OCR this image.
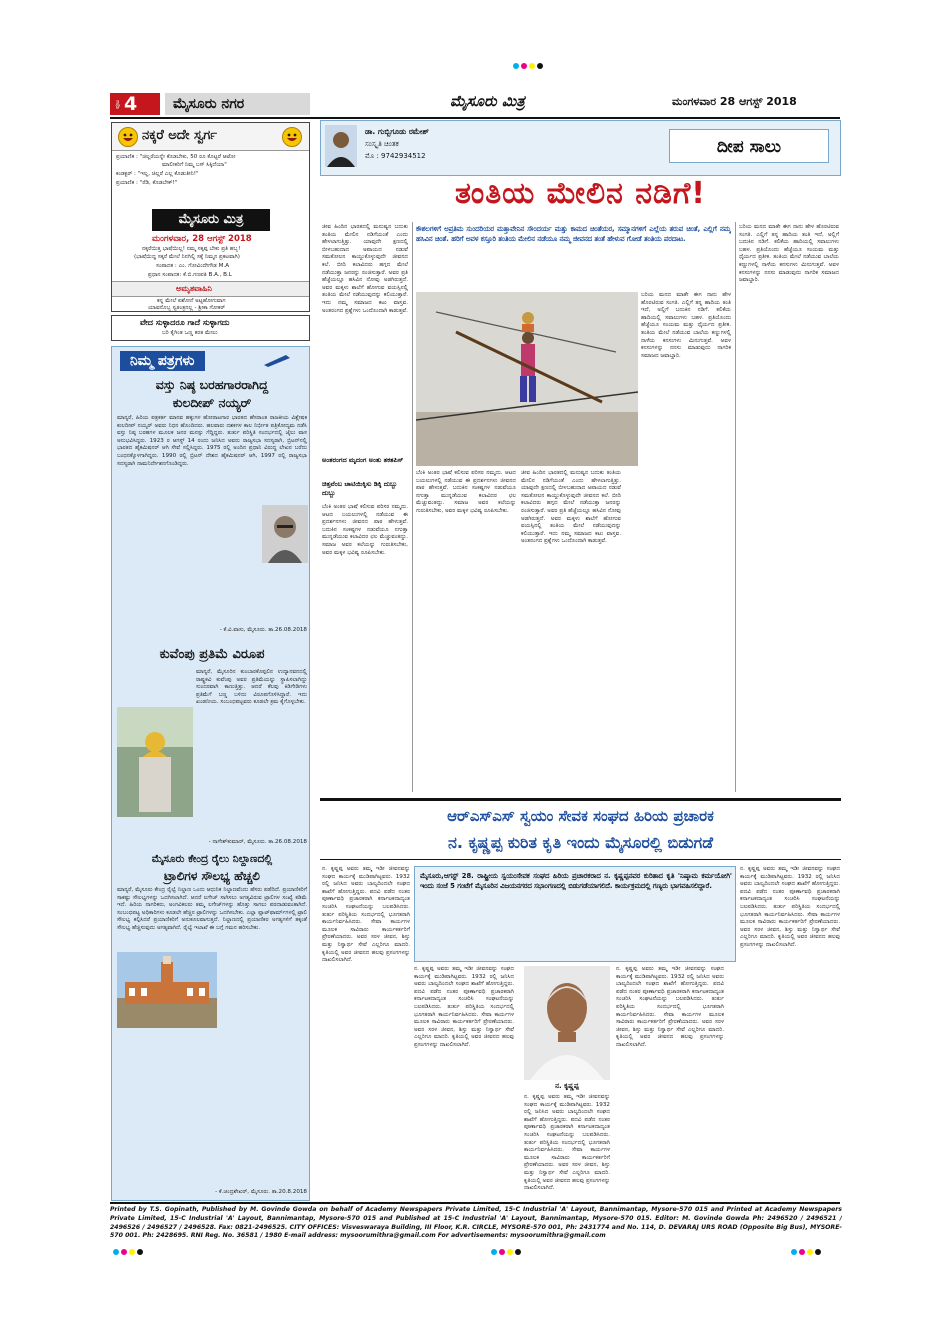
ಪುಟ 4	ಮೈಸೂರು ನಗರ	ಮೈಸೂರು ಮಿತ್ರ	ಮಂಗಳವಾರ 28 ಆಗಸ್ಟ್ 2018
ನಕ್ಕರೆ ಅದೇ ಸ್ವರ್ಗ
ಪ್ರಯಾಣಿಕ : "ಚಿಲ್ಲರೆಯನ್ನೇ ಕೊಡಬೇಕು, 50 ರೂ ಕೊಟ್ಟರೆ ಆಟೋ
ಮಾಲೀಕರಿಗೆ ನಿಮ್ಮ ಬಸ್ ಸಿಕ್ಕಿದೆಯಾ"
ಕಂಡಕ್ಟರ್ : "ಇಲ್ಲ, ಚಿಲ್ಲರೆ ಎಲ್ಲ ಕೊಡುತೀನಿ!"
ಪ್ರಯಾಣಿಕ : "ರೆಡಿ, ಕೊಡಬೇಕ್!"
ಮೈಸೂರು ಮಿತ್ರ
ಮಂಗಳವಾರ, 28 ಆಗಸ್ಟ್ 2018
ನಕ್ಕರೆಯಿತ್ತ ಭಾಷೆಯಿಲ್ಲ! ನಮ್ಮ ಸಕ್ಕಪ್ಪ ಬೇಕು ಪ್ರತಿ ಹಬ್ಬ!
(ಭಾಷೆಯಿದ್ದ ಸಕ್ಕರೆ ಮೇಲೆ ನಿನಗಿಲ್ಲಿ ಸಕ್ಕೆ ನಿಮ್ಮನ ಪ್ರಕಟವಾಗಿ)
ಸಂಪಾದಕ : ಎಂ. ಗೋವಿಂದೇಗೌಡ M.A
ಪ್ರಧಾನ ಸಂಪಾದಕ: ಕೆ.ಬಿ.ಗಣಪತಿ B.A., B.L
ಅಮೃತವಾಹಿನಿ
ಕನ್ನ ಮೇಲೆ ಪಶೋನೆ ಅಟ್ಟಹೋಗುವಾಗ
ಯಾವನೊಬ್ಬ ಸ್ವತಂತ್ರನಲ್ಲ - ಶ್ರೀಕಾ ಗೋಕರ್
ವೇದ ಸುಳ್ಳಾದರೂ ಗಾದೆ ಸುಳ್ಳಾಗದು
ಬರಿ ಕೈಗಿಂತ ಒಣ್ಣ ಕರತ ಮೇಲು
ನಿಮ್ಮ ಪತ್ರಗಳು
ವಸ್ತು ನಿಷ್ಠ ಬರಹಗಾರರಾಗಿದ್ದ
ಕುಲದೀಪ್ ನಯ್ಯರ್
ಮಾನ್ಯರೆ, ಹಿರಿಯ ಪತ್ರಕರ್ತ ಮಾನವ ಹಕ್ಕುಗಳ ಹೋರಾಟಗಾರ ಭಾರತದ ಹೆಸರಾಂತ ರಾಜಕೀಯ ವಿಶ್ಲೇಷಕ ಕುಲದೀಪ್ ನಯ್ಯರ್ ಅವರು ನಿಧನ ಹೊಂದಿದರು. ಹಲವಾರು ದಶಕಗಳ ಕಾಲ ನಿರ್ಭೀತ ಪತ್ರಿಕೋದ್ಯಮ ನಡೆಸಿ ವಸ್ತು ನಿಷ್ಠ ಬರಹಗಳ ಮೂಲಕ ಜನರ ಮನಸ್ಸು ಗೆದ್ದಿದ್ದರು. ತುರ್ತು ಪರಿಸ್ಥಿತಿ ಸಂದರ್ಭದಲ್ಲಿ ಜೈಲು ವಾಸ ಅನುಭವಿಸಿದ್ದರು. 1923 ರ ಆಗಸ್ಟ್ 14 ರಂದು ಜನಿಸಿದ ಅವರು ರಾಜ್ಯಸಭಾ ಸದಸ್ಯರಾಗಿ, ಬ್ರಿಟನ್‌ನಲ್ಲಿ ಭಾರತದ ಹೈಕಮಿಷನರ್ ಆಗಿ ಸೇವೆ ಸಲ್ಲಿಸಿದ್ದರು. 1975 ರಲ್ಲಿ ಅಂದಿನ ಪ್ರಧಾನಿ ವಿರುದ್ಧ ಲೇಖನ ಬರೆದು ಬಂಧನಕ್ಕೊಳಗಾಗಿದ್ದರು. 1990 ರಲ್ಲಿ ಬ್ರಿಟನ್ ದೇಶದ ಹೈಕಮಿಷನರ್ ಆಗಿ, 1997 ರಲ್ಲಿ ರಾಜ್ಯಸಭಾ ಸದಸ್ಯರಾಗಿ ನಾಮನಿರ್ದೇಶನಗೊಂಡಿದ್ದರು.
- ಕೆ.ವಿ.ವಾಸು, ಮೈಸೂರು. ತಾ.26.08.2018
ಕುವೆಂಪು ಪ್ರತಿಮೆ ವಿರೂಪ
ಮಾನ್ಯರೆ, ಮೈಸೂರಿನ ಕುಂಬಾರಕೊಪ್ಪಲಿನ ಉದ್ಯಾನವನದಲ್ಲಿ ರಾಷ್ಟ್ರಕವಿ ಕುವೆಂಪು ಅವರ ಪ್ರತಿಮೆಯನ್ನು ಸ್ಥಾಪಿಸಲಾಗಿದ್ದು ಸುಂದರವಾಗಿ ಕಾಣುತ್ತಿತ್ತು. ಆದರೆ ಕೆಲವು ಕಿಡಿಗೇಡಿಗಳು ಪ್ರತಿಮೆಗೆ ಬಣ್ಣ ಬಳಿದು ವಿರೂಪಗೊಳಿಸಿದ್ದಾರೆ. ಇದು ಖಂಡನೀಯ. ಸಂಬಂಧಪಟ್ಟವರು ಕೂಡಲೇ ಕ್ರಮ ಕೈಗೊಳ್ಳಬೇಕು.
- ನಾಗೇಶ್‌ಕುಮಾರ್, ಮೈಸೂರು. ತಾ.26.08.2018
ಮೈಸೂರು ಕೇಂದ್ರ ರೈಲು ನಿಲ್ದಾಣದಲ್ಲಿ
ಟ್ರಾಲಿಗಳ ಸೌಲಭ್ಯ ಹೆಚ್ಚಲಿ
ಮಾನ್ಯರೆ, ಮೈಸೂರು ಕೇಂದ್ರ ರೈಲ್ವೆ ನಿಲ್ದಾಣ ಒಂದು ಆಧುನಿಕ ನಿಲ್ದಾಣವೆಂದು ಹೆಸರು ಪಡೆದಿದೆ. ಪ್ರಯಾಣಿಕರಿಗೆ ಸಾಕಷ್ಟು ಸೌಲಭ್ಯಗಳನ್ನು ಒದಗಿಸಲಾಗಿದೆ. ಆದರೆ ಲಗೇಜ್ ಸಾಗಿಸಲು ಅಗತ್ಯವಿರುವ ಟ್ರಾಲಿಗಳ ಸಂಖ್ಯೆ ಕಡಿಮೆ ಇದೆ. ಹಿರಿಯ ನಾಗರಿಕರು, ಅಂಗವಿಕಲರು ತಮ್ಮ ಲಗೇಜ್‌ಗಳನ್ನು ಹೊತ್ತು ಸಾಗಲು ಪರದಾಡುವಂತಾಗಿದೆ. ಸಂಬಂಧಪಟ್ಟ ಅಧಿಕಾರಿಗಳು ಕೂಡಲೇ ಹೆಚ್ಚಿನ ಟ್ರಾಲಿಗಳನ್ನು ಒದಗಿಸಬೇಕು. ಎಲ್ಲಾ ಪ್ಲಾಟ್‌ಫಾರ್ಮ್‌ಗಳಲ್ಲಿ ಟ್ರಾಲಿ ಸೌಲಭ್ಯ ಕಲ್ಪಿಸಿದರೆ ಪ್ರಯಾಣಿಕರಿಗೆ ಅನುಕೂಲವಾಗುತ್ತದೆ. ನಿಲ್ದಾಣದಲ್ಲಿ ಪ್ರಯಾಣಿಕರ ಅಗತ್ಯಗಳಿಗೆ ತಕ್ಕಂತೆ ಸೌಲಭ್ಯ ಹೆಚ್ಚಿಸುವುದು ಅಗತ್ಯವಾಗಿದೆ. ರೈಲ್ವೆ ಇಲಾಖೆ ಈ ಬಗ್ಗೆ ಗಮನ ಹರಿಸಬೇಕು.
- ಕೆ.ಚಂದ್ರಶೇಖರ್, ಮೈಸೂರು. ತಾ.20.8.2018
ಡಾ. ಗುಬ್ಬಿಗೂಡು ರಮೇಶ್
ಸಂಸ್ಕೃತಿ ಚಿಂತಕ
ಮೊ : 9742934512	ದೀಪ ಸಾಲು
ತಂತಿಯ ಮೇಲಿನ ನಡಿಗೆ!
ಜೀವ ಹಿಂದಿನ ಭಾರತದಲ್ಲಿ ಮನುಷ್ಯನ ಬದುಕು ತಂತಿಯ ಮೇಲಿನ ನಡಿಗೆಯಂತೆ ಎಂದು ಹೇಳಲಾಗುತ್ತಿತ್ತು. ಯಾವುದೇ ಕ್ಷಣದಲ್ಲಿ ಬೀಳಬಹುದಾದ ಅಪಾಯದ ನಡುವೆ ಸಮತೋಲನ ಕಾಯ್ದುಕೊಳ್ಳುವುದೇ ಜೀವನದ ಕಲೆ. ಬೀದಿ ಕಲಾವಿದರು ಹಗ್ಗದ ಮೇಲೆ ನಡೆಯುತ್ತಾ ಜನರನ್ನು ರಂಜಿಸುತ್ತಾರೆ. ಅವರ ಪ್ರತಿ ಹೆಜ್ಜೆಯಲ್ಲೂ ಹಸಿವಿನ ನೋವು ಅಡಗಿರುತ್ತದೆ. ಅವರ ಮಕ್ಕಳು ಶಾಲೆಗೆ ಹೋಗುವ ವಯಸ್ಸಿನಲ್ಲಿ ತಂತಿಯ ಮೇಲೆ ನಡೆಯುವುದನ್ನು ಕಲಿಯುತ್ತಾರೆ. ಇದು ನಮ್ಮ ಸಮಾಜದ ಕಟು ವಾಸ್ತವ. ಅಂತರಂಗದ ಪ್ರಶ್ನೆಗಳು ಒಂದೊಂದಾಗಿ ಕಾಡುತ್ತವೆ.
ಅಂತರಂಗದ ಮೃದಂಗ ಅಂತು ತಕತಪಿಸ್
ಚಿತ್ತವೆಂಬ ಚಾಟಿಯಿಕ್ಕಿಸು ಡಿಕ್ಕಿ ದುಬ್ಬು ದುಬ್ಬು
ಬೆಂಕಿ ಅಂತರ ಭಾಷೆ ಕಲಿಸುವ ಪರಿಸರ ನಮ್ಮದು. ಆಟದ ಬಯಲುಗಳಲ್ಲಿ ನಡೆಯುವ ಈ ಪ್ರದರ್ಶನಗಳು ಜೀವನದ ಪಾಠ ಹೇಳುತ್ತವೆ. ಬದುಕಿನ ಸಂಕಷ್ಟಗಳ ನಡುವೆಯೂ ನಗುತ್ತಾ ಮುನ್ನಡೆಯುವ ಕಲಾವಿದರ ಛಲ ಮೆಚ್ಚುವಂತದ್ದು. ಸಮಾಜ ಅವರ ಕಲೆಯನ್ನು ಗುರುತಿಸಬೇಕು, ಅವರ ಮಕ್ಕಳ ಭವಿಷ್ಯ ರೂಪಿಸಬೇಕು.
ಕೌಶಲಗಳಿಗೆ ಅಪ್ರತಿಮ ಸುಂದರಿಯರ ಮತ್ತಾವೇನಿನ ಸೌಂದರ್ಯ ಮತ್ತು ಕಾಮದ ಚಿಂತೆಯರ, ಸಮ್ಮಾನಗಳಿಗೆ ಎಲ್ಲೆಯ ತರುವ ಚಿಂತೆ, ಎಲ್ಲಿಗೆ ನಮ್ಮ ಹಸಿವಿನ ಚಿಂತೆ. ಹರಿಗೆ ಅವಳ ಕಸ್ತೂರಿ ತಂತಿಯ ಮೇಲಿನ ನಡೆಯೂ ನಮ್ಮ ಜೀವನದ ತಂತೆ ಹೇಳುವ ಗೋಡೆ ತಂತಿಯ ಪರದಾಟ.
ಬೆಂಕಿ ಅಂತರ ಭಾಷೆ ಕಲಿಸುವ ಪರಿಸರ ನಮ್ಮದು. ಆಟದ ಬಯಲುಗಳಲ್ಲಿ ನಡೆಯುವ ಈ ಪ್ರದರ್ಶನಗಳು ಜೀವನದ ಪಾಠ ಹೇಳುತ್ತವೆ. ಬದುಕಿನ ಸಂಕಷ್ಟಗಳ ನಡುವೆಯೂ ನಗುತ್ತಾ ಮುನ್ನಡೆಯುವ ಕಲಾವಿದರ ಛಲ ಮೆಚ್ಚುವಂತದ್ದು. ಸಮಾಜ ಅವರ ಕಲೆಯನ್ನು ಗುರುತಿಸಬೇಕು, ಅವರ ಮಕ್ಕಳ ಭವಿಷ್ಯ ರೂಪಿಸಬೇಕು.
ಜೀವ ಹಿಂದಿನ ಭಾರತದಲ್ಲಿ ಮನುಷ್ಯನ ಬದುಕು ತಂತಿಯ ಮೇಲಿನ ನಡಿಗೆಯಂತೆ ಎಂದು ಹೇಳಲಾಗುತ್ತಿತ್ತು. ಯಾವುದೇ ಕ್ಷಣದಲ್ಲಿ ಬೀಳಬಹುದಾದ ಅಪಾಯದ ನಡುವೆ ಸಮತೋಲನ ಕಾಯ್ದುಕೊಳ್ಳುವುದೇ ಜೀವನದ ಕಲೆ. ಬೀದಿ ಕಲಾವಿದರು ಹಗ್ಗದ ಮೇಲೆ ನಡೆಯುತ್ತಾ ಜನರನ್ನು ರಂಜಿಸುತ್ತಾರೆ. ಅವರ ಪ್ರತಿ ಹೆಜ್ಜೆಯಲ್ಲೂ ಹಸಿವಿನ ನೋವು ಅಡಗಿರುತ್ತದೆ. ಅವರ ಮಕ್ಕಳು ಶಾಲೆಗೆ ಹೋಗುವ ವಯಸ್ಸಿನಲ್ಲಿ ತಂತಿಯ ಮೇಲೆ ನಡೆಯುವುದನ್ನು ಕಲಿಯುತ್ತಾರೆ. ಇದು ನಮ್ಮ ಸಮಾಜದ ಕಟು ವಾಸ್ತವ. ಅಂತರಂಗದ ಪ್ರಶ್ನೆಗಳು ಒಂದೊಂದಾಗಿ ಕಾಡುತ್ತವೆ.
ಬರಿಯ ಮನದ ಮಾತೇ ಈಗ ನಾನು ಹೇಳ ಹೊರಟಿರುವ ಸಂಗತಿ. ಎಲ್ಲಿಗೆ ತನ್ನ ಹಾದಿಯ ತಂತಿ ಇದೆ, ಅಲ್ಲಿಗೆ ಬದುಕಿನ ನಡಿಗೆ. ಕಲಿಕೆಯ ಹಾದಿಯಲ್ಲಿ ಸವಾಲುಗಳು ಬಹಳ. ಪ್ರತಿಯೊಂದು ಹೆಜ್ಜೆಯೂ ಸಂಯಮ ಮತ್ತು ಧೈರ್ಯದ ಪ್ರತೀಕ. ತಂತಿಯ ಮೇಲೆ ನಡೆಯುವ ಬಾಲೆಯ ಕಣ್ಣುಗಳಲ್ಲಿ ನಾಳೆಯ ಕನಸುಗಳು ಮಿನುಗುತ್ತವೆ. ಅವಳ ಕನಸುಗಳನ್ನು ನನಸು ಮಾಡುವುದು ನಾಗರಿಕ ಸಮಾಜದ ಜವಾಬ್ದಾರಿ.
ಬರಿಯ ಮನದ ಮಾತೇ ಈಗ ನಾನು ಹೇಳ ಹೊರಟಿರುವ ಸಂಗತಿ. ಎಲ್ಲಿಗೆ ತನ್ನ ಹಾದಿಯ ತಂತಿ ಇದೆ, ಅಲ್ಲಿಗೆ ಬದುಕಿನ ನಡಿಗೆ. ಕಲಿಕೆಯ ಹಾದಿಯಲ್ಲಿ ಸವಾಲುಗಳು ಬಹಳ. ಪ್ರತಿಯೊಂದು ಹೆಜ್ಜೆಯೂ ಸಂಯಮ ಮತ್ತು ಧೈರ್ಯದ ಪ್ರತೀಕ. ತಂತಿಯ ಮೇಲೆ ನಡೆಯುವ ಬಾಲೆಯ ಕಣ್ಣುಗಳಲ್ಲಿ ನಾಳೆಯ ಕನಸುಗಳು ಮಿನುಗುತ್ತವೆ. ಅವಳ ಕನಸುಗಳನ್ನು ನನಸು ಮಾಡುವುದು ನಾಗರಿಕ ಸಮಾಜದ ಜವಾಬ್ದಾರಿ.
ಆರ್‌ಎಸ್‌ಎಸ್ ಸ್ವಯಂ ಸೇವಕ ಸಂಘದ ಹಿರಿಯ ಪ್ರಚಾರಕ
ನ. ಕೃಷ್ಣಪ್ಪ ಕುರಿತ ಕೃತಿ ಇಂದು ಮೈಸೂರಲ್ಲಿ ಬಿಡುಗಡೆ
ನ. ಕೃಷ್ಣಪ್ಪ ಅವರು ತಮ್ಮ ಇಡೀ ಜೀವನವನ್ನು ಸಂಘದ ಕಾರ್ಯಕ್ಕೆ ಮುಡಿಪಾಗಿಟ್ಟವರು. 1932 ರಲ್ಲಿ ಜನಿಸಿದ ಅವರು ಬಾಲ್ಯದಿಂದಲೇ ಸಂಘದ ಶಾಖೆಗೆ ಹೋಗುತ್ತಿದ್ದರು. ಪದವಿ ಪಡೆದ ನಂತರ ಪೂರ್ಣಾವಧಿ ಪ್ರಚಾರಕರಾಗಿ ಕರ್ನಾಟಕದಾದ್ಯಂತ ಸಂಚರಿಸಿ ಸಂಘಟನೆಯನ್ನು ಬಲಪಡಿಸಿದರು. ತುರ್ತು ಪರಿಸ್ಥಿತಿಯ ಸಂದರ್ಭದಲ್ಲಿ ಭೂಗತರಾಗಿ ಕಾರ್ಯನಿರ್ವಹಿಸಿದರು. ಸೇವಾ ಕಾರ್ಯಗಳ ಮೂಲಕ ಸಾವಿರಾರು ಕಾರ್ಯಕರ್ತರಿಗೆ ಪ್ರೇರಣೆಯಾದರು. ಅವರ ಸರಳ ಜೀವನ, ಶಿಸ್ತು ಮತ್ತು ನಿಸ್ವಾರ್ಥ ಸೇವೆ ಎಲ್ಲರಿಗೂ ಮಾದರಿ. ಕೃತಿಯಲ್ಲಿ ಅವರ ಜೀವನದ ಹಲವು ಪ್ರಸಂಗಗಳನ್ನು ದಾಖಲಿಸಲಾಗಿದೆ.
ಮೈಸೂರು,ಆಗಸ್ಟ್ 28. ರಾಷ್ಟ್ರೀಯ ಸ್ವಯಂಸೇವಕ ಸಂಘದ ಹಿರಿಯ ಪ್ರಚಾರಕರಾದ ನ. ಕೃಷ್ಣಪ್ಪನವರ ಕುರಿತಾದ ಕೃತಿ 'ನಿಷ್ಕಾಮ ಕರ್ಮಯೋಗಿ' ಇಂದು ಸಂಜೆ 5 ಗಂಟೆಗೆ ಮೈಸೂರಿನ ವಿಜಯನಗರದ ಸಭಾಂಗಣದಲ್ಲಿ ಬಿಡುಗಡೆಯಾಗಲಿದೆ. ಕಾರ್ಯಕ್ರಮದಲ್ಲಿ ಗಣ್ಯರು ಭಾಗವಹಿಸಲಿದ್ದಾರೆ.
ನ. ಕೃಷ್ಣಪ್ಪ ಅವರು ತಮ್ಮ ಇಡೀ ಜೀವನವನ್ನು ಸಂಘದ ಕಾರ್ಯಕ್ಕೆ ಮುಡಿಪಾಗಿಟ್ಟವರು. 1932 ರಲ್ಲಿ ಜನಿಸಿದ ಅವರು ಬಾಲ್ಯದಿಂದಲೇ ಸಂಘದ ಶಾಖೆಗೆ ಹೋಗುತ್ತಿದ್ದರು. ಪದವಿ ಪಡೆದ ನಂತರ ಪೂರ್ಣಾವಧಿ ಪ್ರಚಾರಕರಾಗಿ ಕರ್ನಾಟಕದಾದ್ಯಂತ ಸಂಚರಿಸಿ ಸಂಘಟನೆಯನ್ನು ಬಲಪಡಿಸಿದರು. ತುರ್ತು ಪರಿಸ್ಥಿತಿಯ ಸಂದರ್ಭದಲ್ಲಿ ಭೂಗತರಾಗಿ ಕಾರ್ಯನಿರ್ವಹಿಸಿದರು. ಸೇವಾ ಕಾರ್ಯಗಳ ಮೂಲಕ ಸಾವಿರಾರು ಕಾರ್ಯಕರ್ತರಿಗೆ ಪ್ರೇರಣೆಯಾದರು. ಅವರ ಸರಳ ಜೀವನ, ಶಿಸ್ತು ಮತ್ತು ನಿಸ್ವಾರ್ಥ ಸೇವೆ ಎಲ್ಲರಿಗೂ ಮಾದರಿ. ಕೃತಿಯಲ್ಲಿ ಅವರ ಜೀವನದ ಹಲವು ಪ್ರಸಂಗಗಳನ್ನು ದಾಖಲಿಸಲಾಗಿದೆ.
ನ. ಕೃಷ್ಣಪ್ಪ
ನ. ಕೃಷ್ಣಪ್ಪ ಅವರು ತಮ್ಮ ಇಡೀ ಜೀವನವನ್ನು ಸಂಘದ ಕಾರ್ಯಕ್ಕೆ ಮುಡಿಪಾಗಿಟ್ಟವರು. 1932 ರಲ್ಲಿ ಜನಿಸಿದ ಅವರು ಬಾಲ್ಯದಿಂದಲೇ ಸಂಘದ ಶಾಖೆಗೆ ಹೋಗುತ್ತಿದ್ದರು. ಪದವಿ ಪಡೆದ ನಂತರ ಪೂರ್ಣಾವಧಿ ಪ್ರಚಾರಕರಾಗಿ ಕರ್ನಾಟಕದಾದ್ಯಂತ ಸಂಚರಿಸಿ ಸಂಘಟನೆಯನ್ನು ಬಲಪಡಿಸಿದರು. ತುರ್ತು ಪರಿಸ್ಥಿತಿಯ ಸಂದರ್ಭದಲ್ಲಿ ಭೂಗತರಾಗಿ ಕಾರ್ಯನಿರ್ವಹಿಸಿದರು. ಸೇವಾ ಕಾರ್ಯಗಳ ಮೂಲಕ ಸಾವಿರಾರು ಕಾರ್ಯಕರ್ತರಿಗೆ ಪ್ರೇರಣೆಯಾದರು. ಅವರ ಸರಳ ಜೀವನ, ಶಿಸ್ತು ಮತ್ತು ನಿಸ್ವಾರ್ಥ ಸೇವೆ ಎಲ್ಲರಿಗೂ ಮಾದರಿ. ಕೃತಿಯಲ್ಲಿ ಅವರ ಜೀವನದ ಹಲವು ಪ್ರಸಂಗಗಳನ್ನು ದಾಖಲಿಸಲಾಗಿದೆ.
ನ. ಕೃಷ್ಣಪ್ಪ ಅವರು ತಮ್ಮ ಇಡೀ ಜೀವನವನ್ನು ಸಂಘದ ಕಾರ್ಯಕ್ಕೆ ಮುಡಿಪಾಗಿಟ್ಟವರು. 1932 ರಲ್ಲಿ ಜನಿಸಿದ ಅವರು ಬಾಲ್ಯದಿಂದಲೇ ಸಂಘದ ಶಾಖೆಗೆ ಹೋಗುತ್ತಿದ್ದರು. ಪದವಿ ಪಡೆದ ನಂತರ ಪೂರ್ಣಾವಧಿ ಪ್ರಚಾರಕರಾಗಿ ಕರ್ನಾಟಕದಾದ್ಯಂತ ಸಂಚರಿಸಿ ಸಂಘಟನೆಯನ್ನು ಬಲಪಡಿಸಿದರು. ತುರ್ತು ಪರಿಸ್ಥಿತಿಯ ಸಂದರ್ಭದಲ್ಲಿ ಭೂಗತರಾಗಿ ಕಾರ್ಯನಿರ್ವಹಿಸಿದರು. ಸೇವಾ ಕಾರ್ಯಗಳ ಮೂಲಕ ಸಾವಿರಾರು ಕಾರ್ಯಕರ್ತರಿಗೆ ಪ್ರೇರಣೆಯಾದರು. ಅವರ ಸರಳ ಜೀವನ, ಶಿಸ್ತು ಮತ್ತು ನಿಸ್ವಾರ್ಥ ಸೇವೆ ಎಲ್ಲರಿಗೂ ಮಾದರಿ. ಕೃತಿಯಲ್ಲಿ ಅವರ ಜೀವನದ ಹಲವು ಪ್ರಸಂಗಗಳನ್ನು ದಾಖಲಿಸಲಾಗಿದೆ.
ನ. ಕೃಷ್ಣಪ್ಪ ಅವರು ತಮ್ಮ ಇಡೀ ಜೀವನವನ್ನು ಸಂಘದ ಕಾರ್ಯಕ್ಕೆ ಮುಡಿಪಾಗಿಟ್ಟವರು. 1932 ರಲ್ಲಿ ಜನಿಸಿದ ಅವರು ಬಾಲ್ಯದಿಂದಲೇ ಸಂಘದ ಶಾಖೆಗೆ ಹೋಗುತ್ತಿದ್ದರು. ಪದವಿ ಪಡೆದ ನಂತರ ಪೂರ್ಣಾವಧಿ ಪ್ರಚಾರಕರಾಗಿ ಕರ್ನಾಟಕದಾದ್ಯಂತ ಸಂಚರಿಸಿ ಸಂಘಟನೆಯನ್ನು ಬಲಪಡಿಸಿದರು. ತುರ್ತು ಪರಿಸ್ಥಿತಿಯ ಸಂದರ್ಭದಲ್ಲಿ ಭೂಗತರಾಗಿ ಕಾರ್ಯನಿರ್ವಹಿಸಿದರು. ಸೇವಾ ಕಾರ್ಯಗಳ ಮೂಲಕ ಸಾವಿರಾರು ಕಾರ್ಯಕರ್ತರಿಗೆ ಪ್ರೇರಣೆಯಾದರು. ಅವರ ಸರಳ ಜೀವನ, ಶಿಸ್ತು ಮತ್ತು ನಿಸ್ವಾರ್ಥ ಸೇವೆ ಎಲ್ಲರಿಗೂ ಮಾದರಿ. ಕೃತಿಯಲ್ಲಿ ಅವರ ಜೀವನದ ಹಲವು ಪ್ರಸಂಗಗಳನ್ನು ದಾಖಲಿಸಲಾಗಿದೆ.
Printed by T.S. Gopinath, Published by M. Govinde Gowda on behalf of Academy Newspapers Private Limited, 15-C Industrial 'A' Layout, Bannimantap, Mysore-570 015 and Printed at Academy Newspapers Private Limited, 15-C Industrial 'A' Layout, Bannimantap, Mysore-570 015 and Published at 15-C Industrial 'A' Layout, Bannimantap, Mysore-570 015. Editor: M. Govinde Gowda Ph: 2496520 / 2496521 / 2496526 / 2496527 / 2496528. Fax: 0821-2496525. CITY OFFICES: Visveswaraya Building, III Floor, K.R. CIRCLE, MYSORE-570 001, Ph: 2431774 and No. 114, D. DEVARAJ URS ROAD (Opposite Big Bus), MYSORE-570 001. Ph: 2428695. RNI Reg. No. 36581 / 1980 E-mail address: mysoorumithra@gmail.com For advertisements: mysoorumithra@gmail.com
